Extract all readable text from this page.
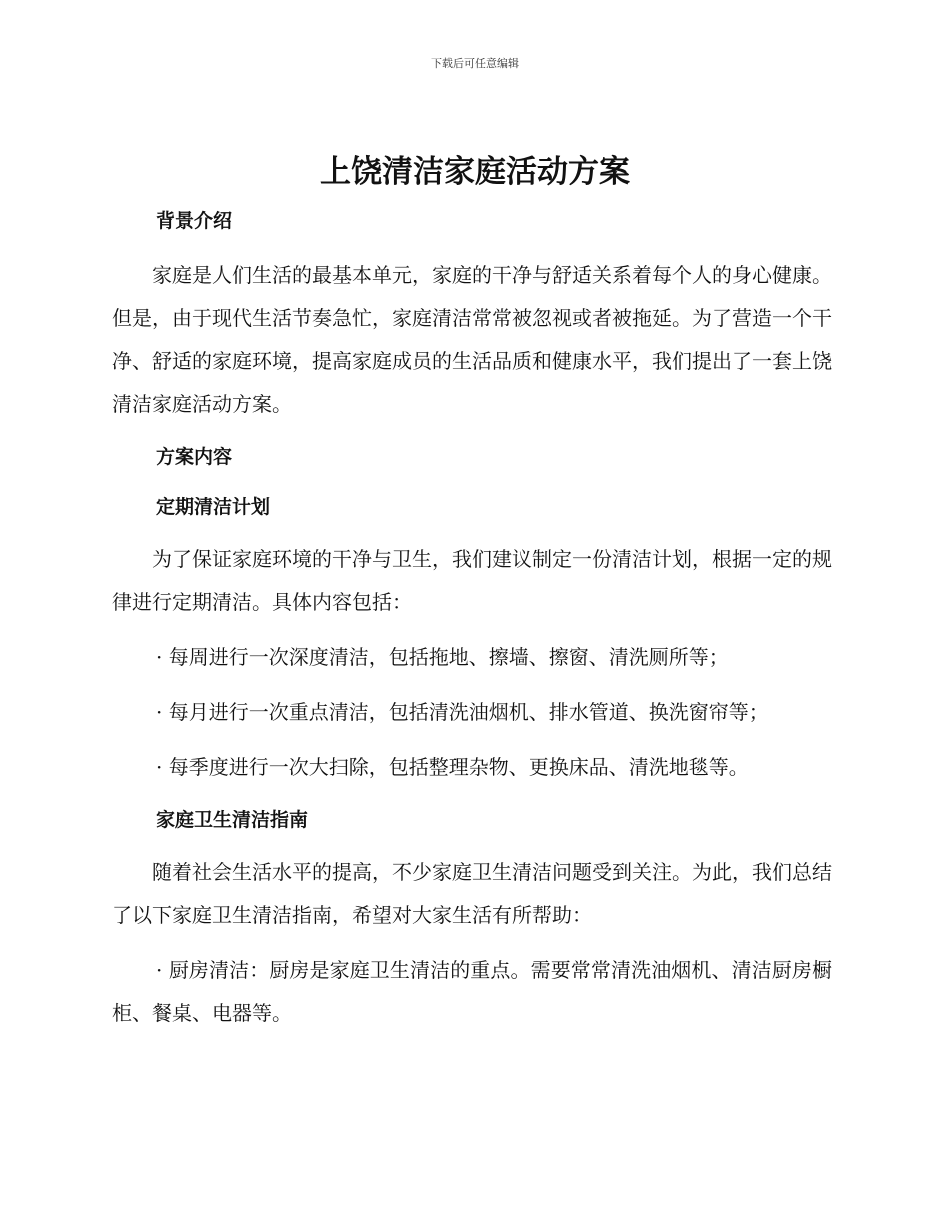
下载后可任意编辑
上饶清洁家庭活动方案

背景介绍

家庭是人们生活的最基本单元，家庭的干净与舒适关系着每个人的身心健康。但是，由于现代生活节奏急忙，家庭清洁常常被忽视或者被拖延。为了营造一个干净、舒适的家庭环境，提高家庭成员的生活品质和健康水平，我们提出了一套上饶清洁家庭活动方案。

方案内容

定期清洁计划

为了保证家庭环境的干净与卫生，我们建议制定一份清洁计划，根据一定的规律进行定期清洁。具体内容包括：

· 每周进行一次深度清洁，包括拖地、擦墙、擦窗、清洗厕所等；

· 每月进行一次重点清洁，包括清洗油烟机、排水管道、换洗窗帘等；

· 每季度进行一次大扫除，包括整理杂物、更换床品、清洗地毯等。

家庭卫生清洁指南

随着社会生活水平的提高，不少家庭卫生清洁问题受到关注。为此，我们总结了以下家庭卫生清洁指南，希望对大家生活有所帮助：

· 厨房清洁：厨房是家庭卫生清洁的重点。需要常常清洗油烟机、清洁厨房橱柜、餐桌、电器等。
